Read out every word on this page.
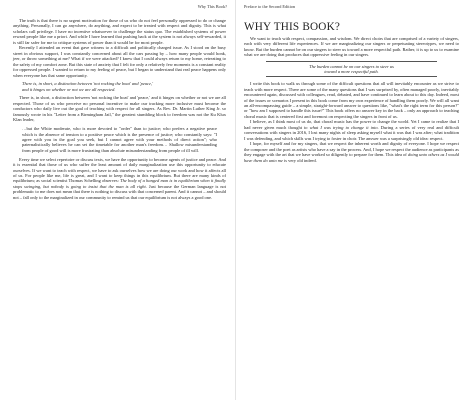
Why This Book?

The truth is that there is no urgent motivation for those of us who do not feel personally oppressed to do or change anything. Personally, I can go anywhere, do anything, and expect to be treated with respect and dignity. This is what scholars call privilege. I have no incentive whatsoever to challenge the status quo. The established systems of power reward people like me a priori. And while I have learned that pushing back at the system is not always self-rewarded, it is still far safer for me to critique systems of power than it would be for most people.

Recently I attended an event that gave witness to a difficult and politically charged issue. As I stood on the busy street in obvious support, I was constantly concerned about all the cars passing by – how many people would honk, jeer, or throw something at me? What if we were attacked? I knew that I could always return to my home, retreating to the safety of my comfort zone. But this state of anxiety that I felt for only a relatively few moments is a constant reality for oppressed people. I wanted to return to my feeling of peace, but I began to understand that real peace happens only when everyone has that same opportunity.

There is, in short, a distinction between 'not rocking the boat' and 'peace,'
and it hinges on whether or not we are all respected.

There is, in short, a distinction between 'not rocking the boat' and 'peace,' and it hinges on whether or not we are all respected. Those of us who perceive no personal incentive to make our tracking more inclusive must become the conductors who daily live out the goal of teaching with respect for all singers. As Rev. Dr. Martin Luther King Jr. so famously wrote in his "Letter from a Birmingham Jail," the greatest stumbling block to freedom was not the Ku Klux Klan leader,

…but the White moderate, who is more devoted to "order" than to justice; who prefers a negative peace which is the absence of tension to a positive peace which is the presence of justice; who constantly says: "I agree with you in the goal you seek, but I cannot agree with your methods of direct action"; who paternalistically believes he can set the timetable for another man's freedom… Shallow misunderstanding from people of good will is more frustrating than absolute misunderstanding from people of ill will.

Every time we select repertoire or discuss texts, we have the opportunity to become agents of justice and peace. And it is essential that those of us who suffer the least amount of daily marginalization use this opportunity to educate ourselves. If we want to teach with respect, we have to ask ourselves how we are doing our work and how it affects all of us. For people like me, life is great, and I want to keep things in this equilibrium. But there are many kinds of equilibrium; as social scientist Thomas Schelling observes: The body of a hanged man is in equilibrium when it finally stops swinging, but nobody is going to insist that the man is all right. Just because the German language is not problematic to me does not mean that there is nothing to discuss with that concerned parent. And it cannot – and should not – fall only to the marginalized in our community to remind us that our equilibrium is not always a good one.

Preface to the Second Edition
WHY THIS BOOK?

We want to teach with respect, compassion, and wisdom. We direct choirs that are comprised of a variety of singers, each with very different life experiences. If we are marginalizing our singers or perpetuating stereotypes, we need to know. But the burden cannot be on our singers to steer us toward a more respectful path. Rather, it is up to us to examine what we are doing that produces that oppressive feeling in our singers.

The burden cannot be on our singers to steer us
toward a more respectful path.

I write this book to walk us through some of the difficult questions that all will inevitably encounter as we strive to teach with more respect. There are some of the many questions that I was surprised by, often managed poorly, inevitably encountered again, discussed with colleagues, read, debated, and have continued to learn about to this day. Indeed, most of the issues or scenarios I present in this book come from my own experience of handling them poorly. We will all want an all-encompassing guide – a simple, straight-forward answer to questions like, "what's the right term for this person?" or "how am I supposed to handle this issue?" This book offers no answer key in the back – only an approach to teaching choral music that is centered first and foremost on respecting the singers in front of us.

I believe, as I think most of us do, that choral music has the power to change the world. Yet I came to realize that I had never given much thought to what I was trying to change it into. During a series of very real and difficult conversations with singers in 2016, I lost many nights of sleep asking myself what it was that I was after; what tradition I was defending, and which skills was I trying to foster in choir. The answer was a surprisingly old idea: respect.

I hope, for myself and for my singers, that we respect the inherent worth and dignity of everyone. I hope we respect the composer and the poet as artists who have a say in the process. And, I hope we respect the audience as participants as they engage with the art that we have worked so diligently to prepare for them. This idea of doing unto others as I would have them do unto me is very old indeed.
